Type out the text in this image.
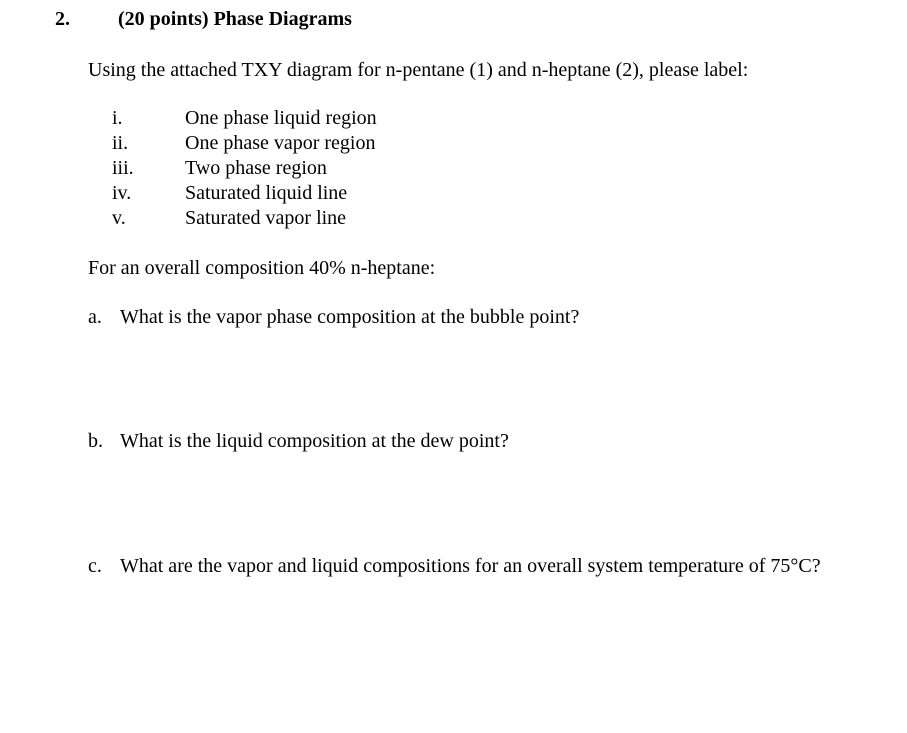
2. (20 points) Phase Diagrams
Using the attached TXY diagram for n-pentane (1) and n-heptane (2), please label:
i.	One phase liquid region
ii.	One phase vapor region
iii.	Two phase region
iv.	Saturated liquid line
v.	Saturated vapor line
For an overall composition 40% n-heptane:
a. What is the vapor phase composition at the bubble point?
b. What is the liquid composition at the dew point?
c. What are the vapor and liquid compositions for an overall system temperature of 75°C?
